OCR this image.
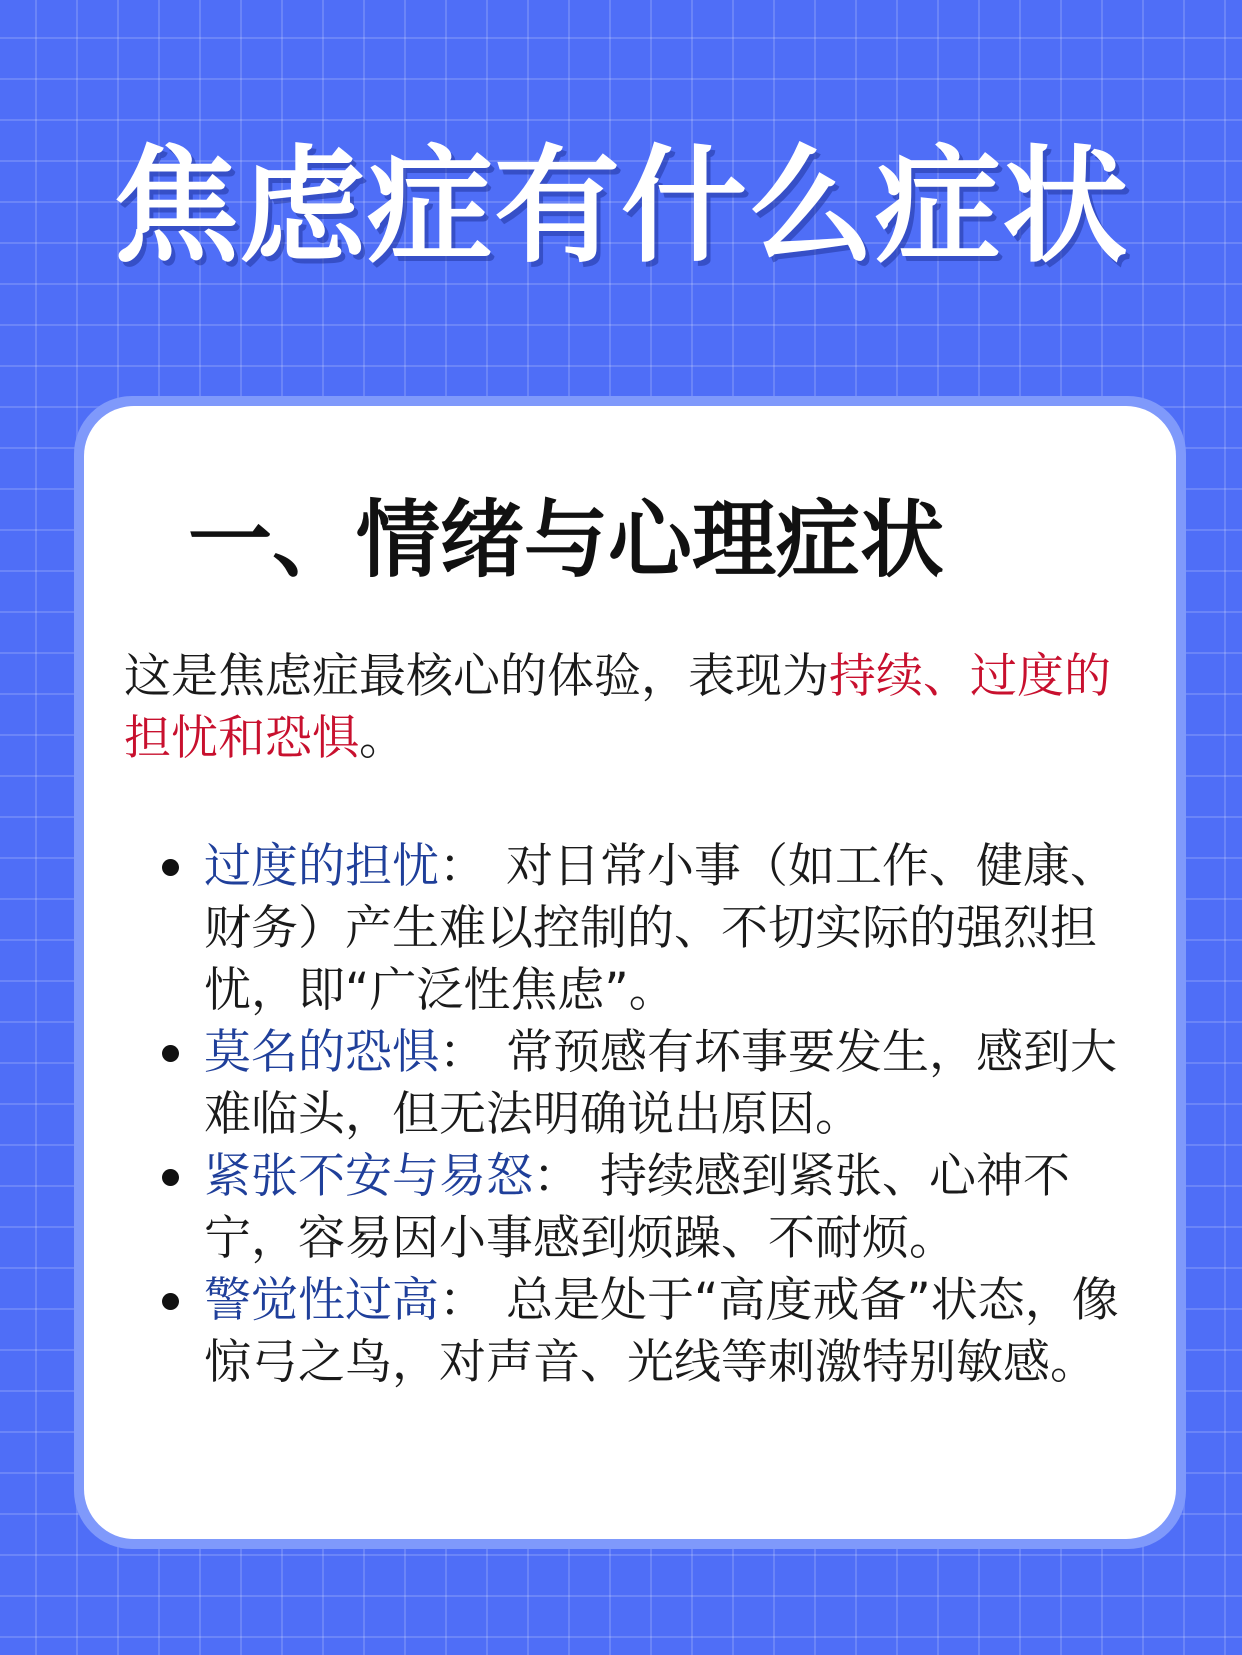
焦虑症有什么症状
一、情绪与心理症状

这是焦虑症最核心的体验，表现为持续、过度的担忧和恐惧。

过度的担忧： 对日常小事（如工作、健康、财务）产生难以控制的、不切实际的强烈担忧，即“广泛性焦虑”。
莫名的恐惧： 常预感有坏事要发生，感到大难临头，但无法明确说出原因。
紧张不安与易怒： 持续感到紧张、心神不宁，容易因小事感到烦躁、不耐烦。
警觉性过高： 总是处于“高度戒备”状态，像惊弓之鸟，对声音、光线等刺激特别敏感。
